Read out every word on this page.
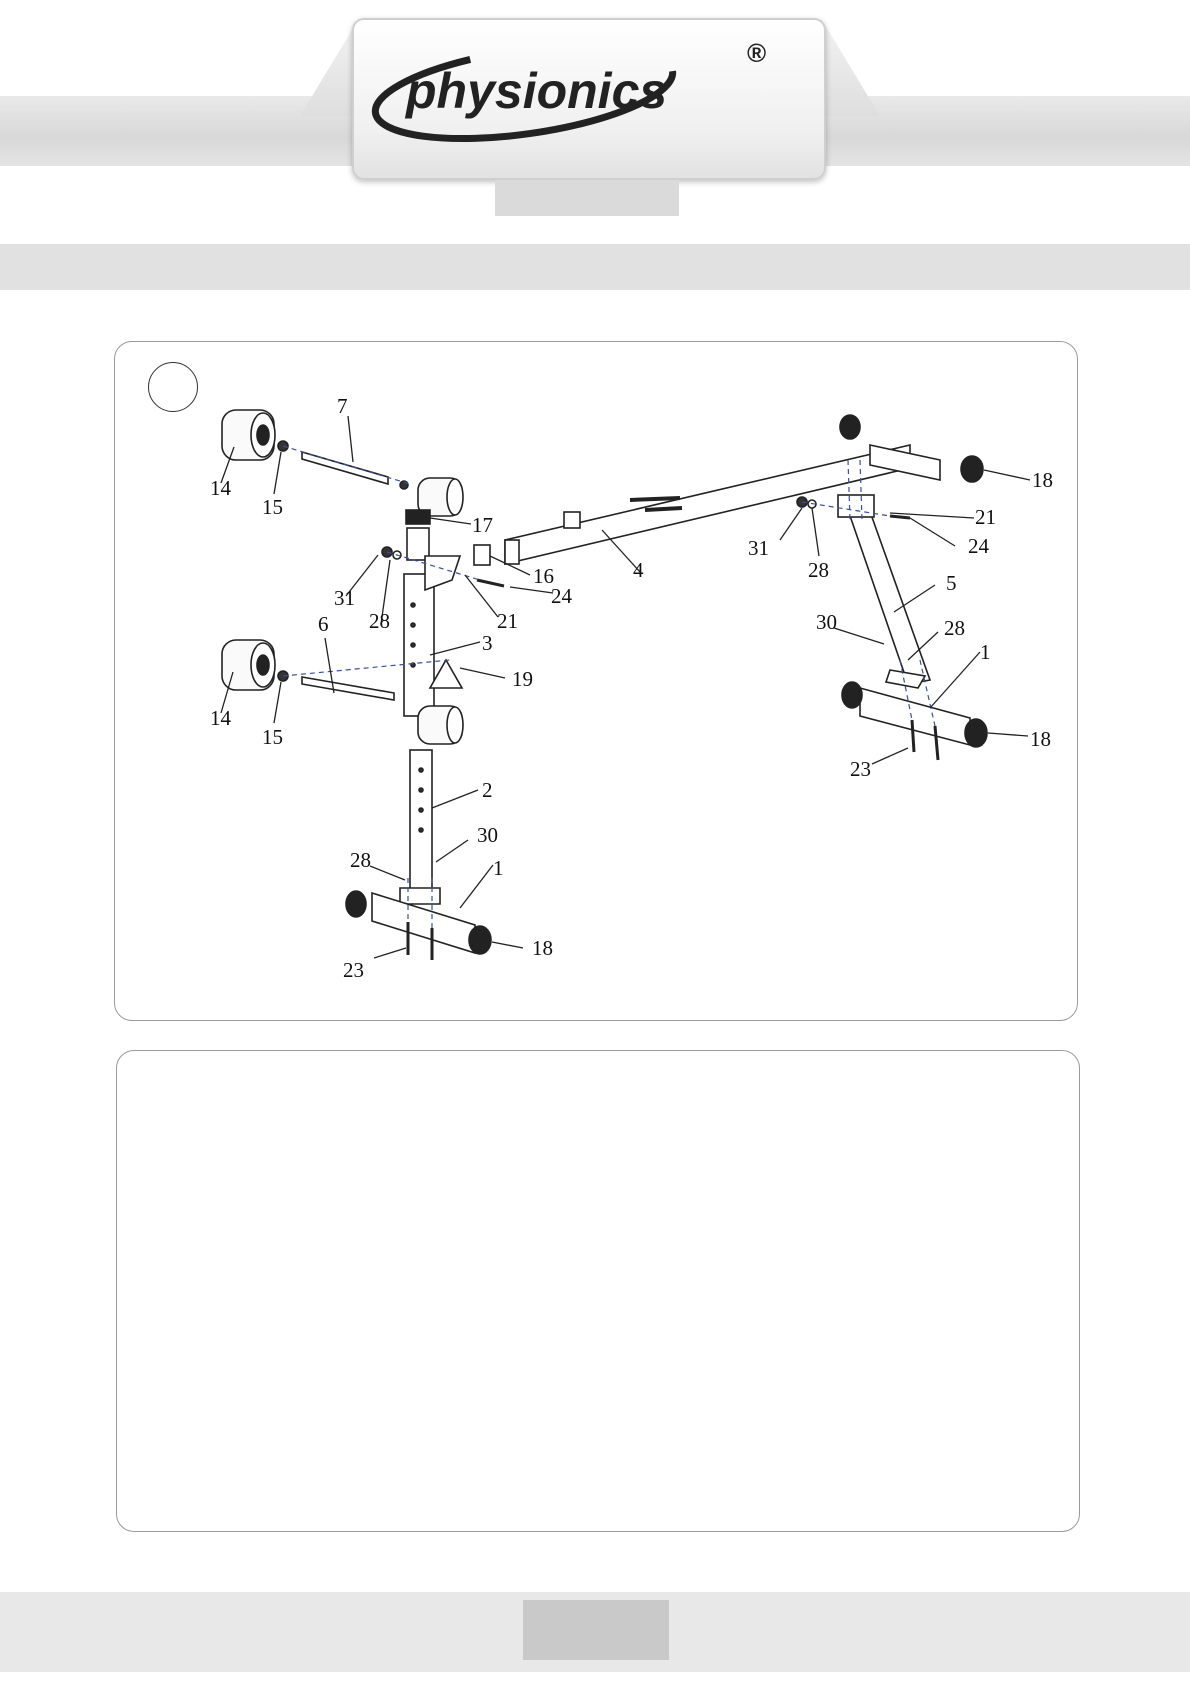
physionics
®
7
14
15
17
16	4
31
28
24
21
6
3
19
14
15
2
30
28	1
18
23
18
21
31
28
24
5
30	28
1
18
23
